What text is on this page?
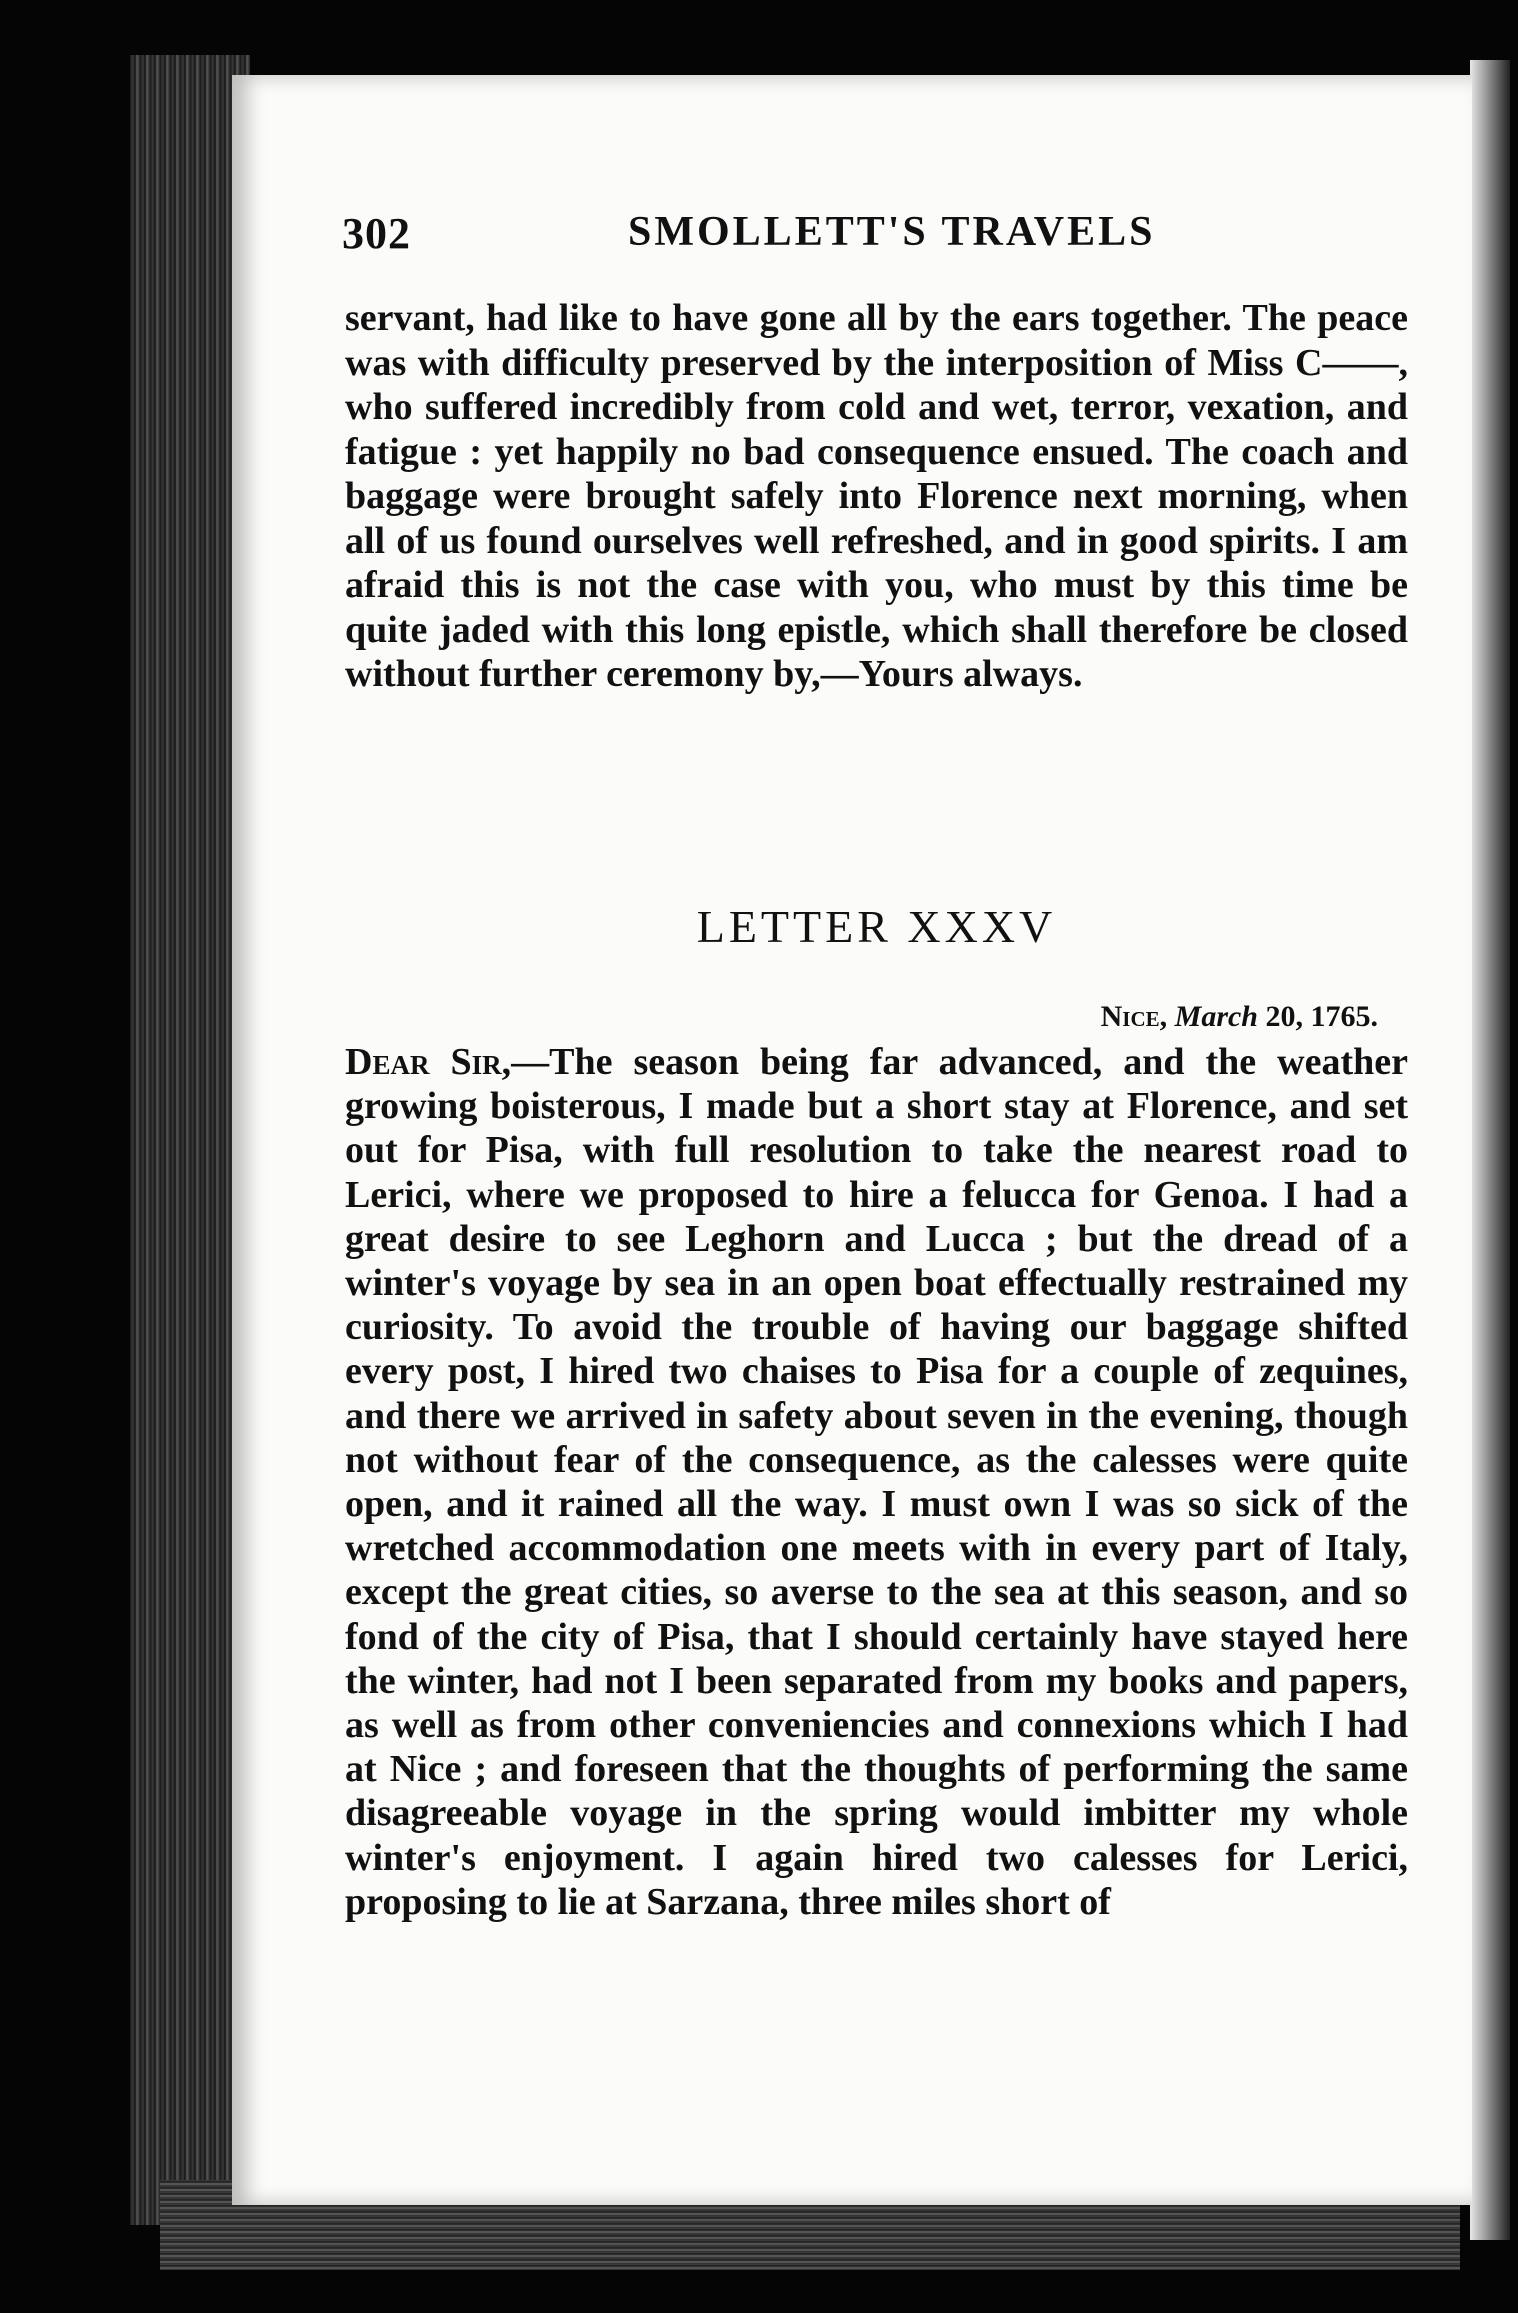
302	SMOLLETT'S TRAVELS
servant, had like to have gone all by the ears together. The peace was with difficulty preserved by the interposition of Miss C——, who suffered incredibly from cold and wet, terror, vexation, and fatigue : yet happily no bad consequence ensued. The coach and baggage were brought safely into Florence next morning, when all of us found ourselves well refreshed, and in good spirits. I am afraid this is not the case with you, who must by this time be quite jaded with this long epistle, which shall therefore be closed without further ceremony by,—Yours always.
LETTER XXXV
Nice, March 20, 1765.
Dear Sir,—The season being far advanced, and the weather growing boisterous, I made but a short stay at Florence, and set out for Pisa, with full resolution to take the nearest road to Lerici, where we proposed to hire a felucca for Genoa. I had a great desire to see Leghorn and Lucca ; but the dread of a winter's voyage by sea in an open boat effectually restrained my curiosity. To avoid the trouble of having our baggage shifted every post, I hired two chaises to Pisa for a couple of zequines, and there we arrived in safety about seven in the evening, though not without fear of the consequence, as the calesses were quite open, and it rained all the way. I must own I was so sick of the wretched accommodation one meets with in every part of Italy, except the great cities, so averse to the sea at this season, and so fond of the city of Pisa, that I should certainly have stayed here the winter, had not I been separated from my books and papers, as well as from other conveniencies and connexions which I had at Nice ; and foreseen that the thoughts of performing the same disagreeable voyage in the spring would imbitter my whole winter's enjoyment. I again hired two calesses for Lerici, proposing to lie at Sarzana, three miles short of
